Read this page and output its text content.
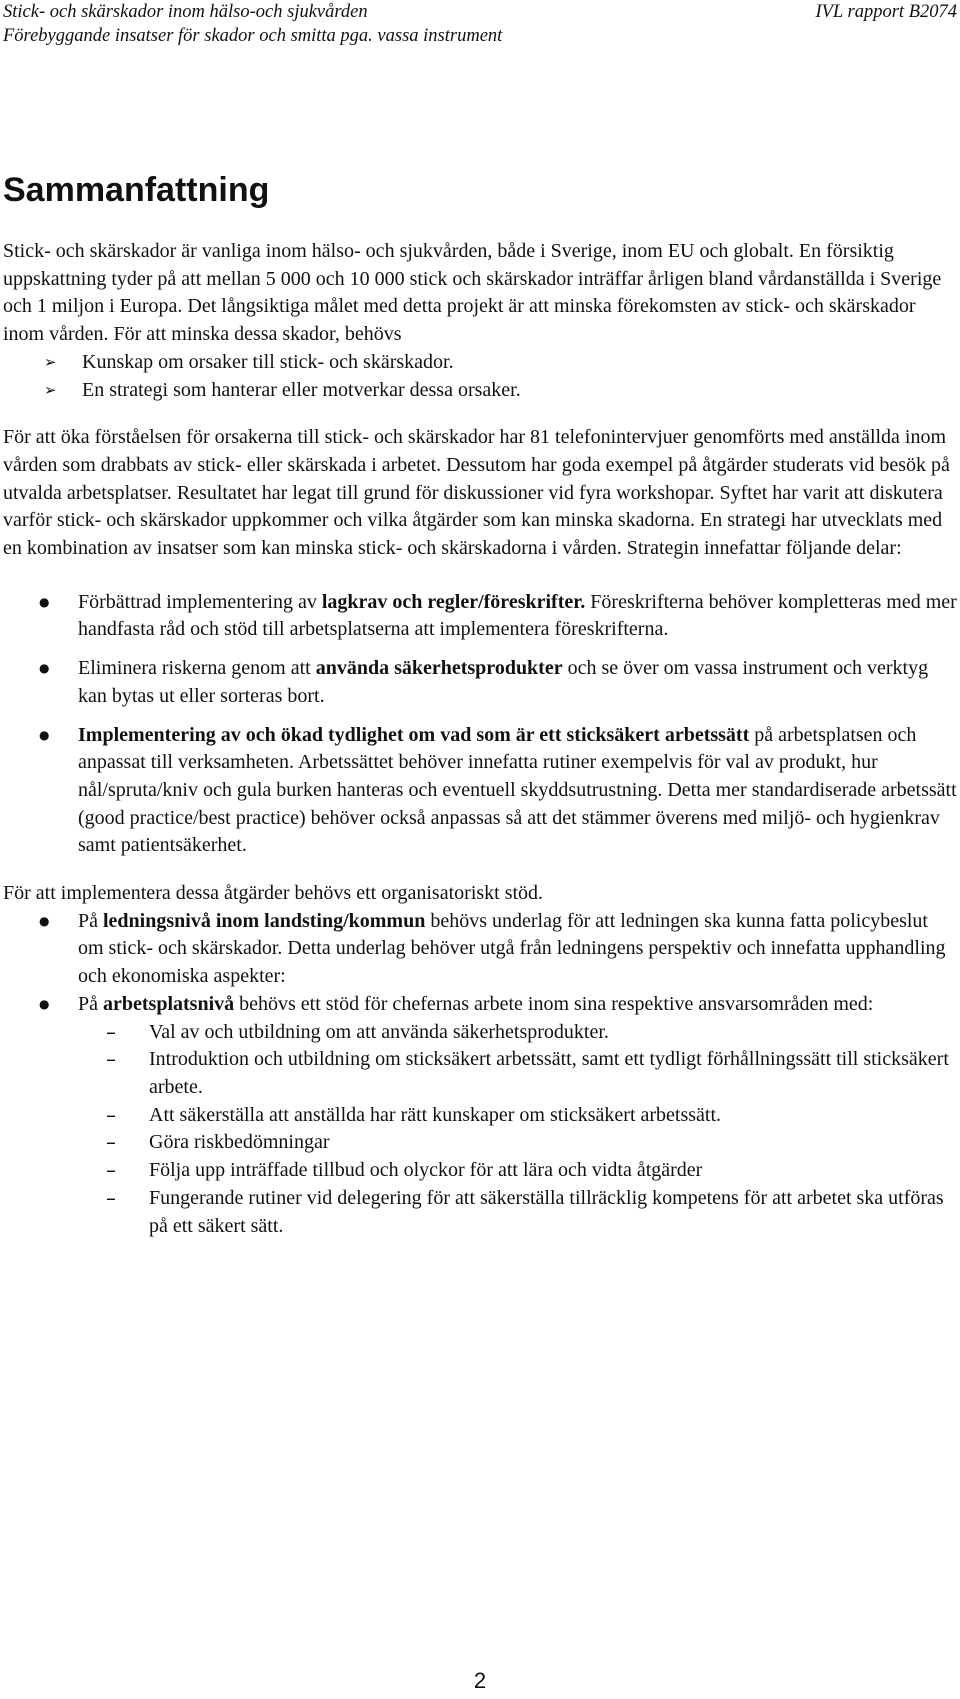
Stick- och skärskador inom hälso-och sjukvården
Förebyggande insatser för skador och smitta pga. vassa instrument
IVL rapport B2074
Sammanfattning

Stick- och skärskador är vanliga inom hälso- och sjukvården, både i Sverige, inom EU och globalt. En försiktig uppskattning tyder på att mellan 5 000 och 10 000 stick och skärskador inträffar årligen bland vårdanställda i Sverige och 1 miljon i Europa. Det långsiktiga målet med detta projekt är att minska förekomsten av stick- och skärskador inom vården. För att minska dessa skador, behövs

➢	Kunskap om orsaker till stick- och skärskador.
➢	En strategi som hanterar eller motverkar dessa orsaker.

För att öka förståelsen för orsakerna till stick- och skärskador har 81 telefonintervjuer genomförts med anställda inom vården som drabbats av stick- eller skärskada i arbetet. Dessutom har goda exempel på åtgärder studerats vid besök på utvalda arbetsplatser. Resultatet har legat till grund för diskussioner vid fyra workshopar. Syftet har varit att diskutera varför stick- och skärskador uppkommer och vilka åtgärder som kan minska skadorna. En strategi har utvecklats med en kombination av insatser som kan minska stick- och skärskadorna i vården. Strategin innefattar följande delar:

●	Förbättrad implementering av lagkrav och regler/föreskrifter. Föreskrifterna behöver kompletteras med mer handfasta råd och stöd till arbetsplatserna att implementera föreskrifterna.
●	Eliminera riskerna genom att använda säkerhetsprodukter och se över om vassa instrument och verktyg kan bytas ut eller sorteras bort.
●	Implementering av och ökad tydlighet om vad som är ett sticksäkert arbetssätt på arbetsplatsen och anpassat till verksamheten. Arbetssättet behöver innefatta rutiner exempelvis för val av produkt, hur nål/spruta/kniv och gula burken hanteras och eventuell skyddsutrustning. Detta mer standardiserade arbetssätt (good practice/best practice) behöver också anpassas så att det stämmer överens med miljö- och hygienkrav samt patientsäkerhet.

För att implementera dessa åtgärder behövs ett organisatoriskt stöd.

●	På ledningsnivå inom landsting/kommun behövs underlag för att ledningen ska kunna fatta policybeslut om stick- och skärskador. Detta underlag behöver utgå från ledningens perspektiv och innefatta upphandling och ekonomiska aspekter:
●	På arbetsplatsnivå behövs ett stöd för chefernas arbete inom sina respektive ansvarsområden med:
–	Val av och utbildning om att använda säkerhetsprodukter.
–	Introduktion och utbildning om sticksäkert arbetssätt, samt ett tydligt förhållningssätt till sticksäkert arbete.
–	Att säkerställa att anställda har rätt kunskaper om sticksäkert arbetssätt.
–	Göra riskbedömningar
–	Följa upp inträffade tillbud och olyckor för att lära och vidta åtgärder
–	Fungerande rutiner vid delegering för att säkerställa tillräcklig kompetens för att arbetet ska utföras på ett säkert sätt.
2
